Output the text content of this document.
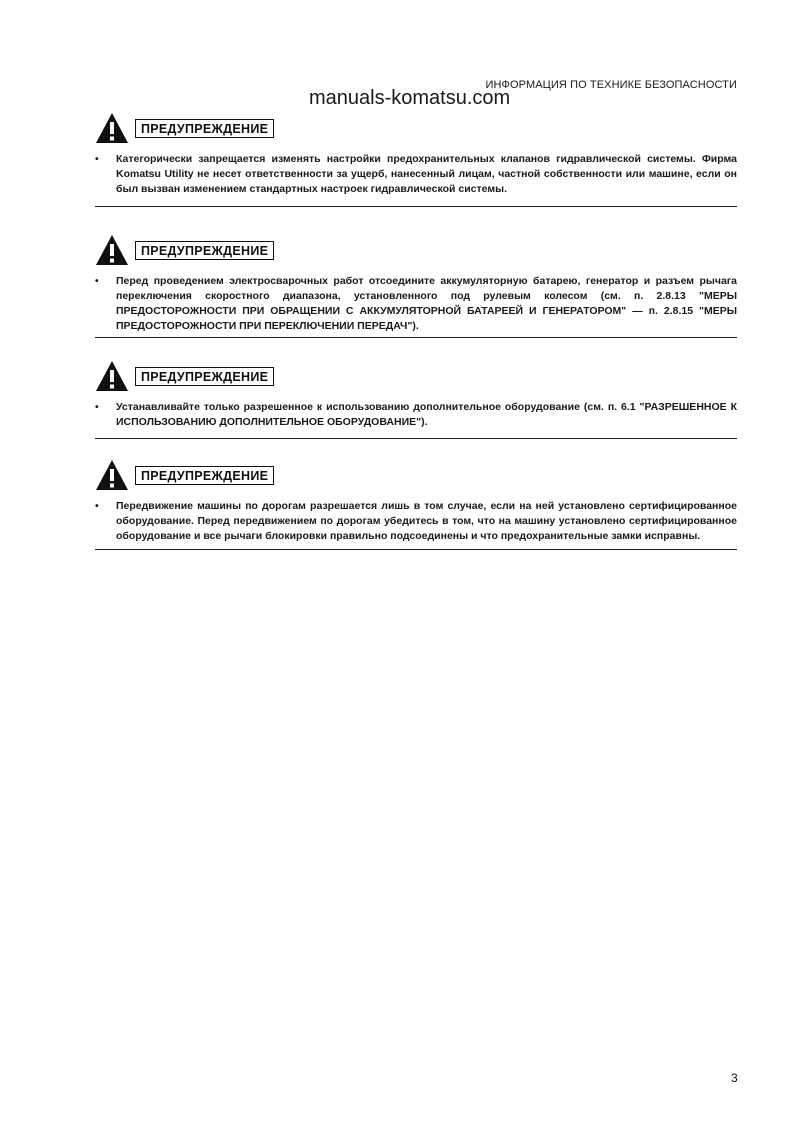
ИНФОРМАЦИЯ ПО ТЕХНИКЕ БЕЗОПАСНОСТИ
manuals-komatsu.com
ПРЕДУПРЕЖДЕНИЕ
• Категорически запрещается изменять настройки предохранительных клапанов гидравлической системы. Фирма Komatsu Utility не несет ответственности за ущерб, нанесенный лицам, частной собственности или машине, если он был вызван изменением стандартных настроек гидравлической системы.
ПРЕДУПРЕЖДЕНИЕ
• Перед проведением электросварочных работ отсоедините аккумуляторную батарею, генератор и разъем рычага переключения скоростного диапазона, установленного под рулевым колесом (см. п. 2.8.13 "МЕРЫ ПРЕДОСТОРОЖНОСТИ ПРИ ОБРАЩЕНИИ С АККУМУЛЯТОРНОЙ БАТАРЕЕЙ И ГЕНЕРАТОРОМ" — п. 2.8.15 "МЕРЫ ПРЕДОСТОРОЖНОСТИ ПРИ ПЕРЕКЛЮЧЕНИИ ПЕРЕДАЧ").
ПРЕДУПРЕЖДЕНИЕ
• Устанавливайте только разрешенное к использованию дополнительное оборудование (см. п. 6.1 "РАЗРЕШЕННОЕ К ИСПОЛЬЗОВАНИЮ ДОПОЛНИТЕЛЬНОЕ ОБОРУДОВАНИЕ").
ПРЕДУПРЕЖДЕНИЕ
• Передвижение машины по дорогам разрешается лишь в том случае, если на ней установлено сертифицированное оборудование. Перед передвижением по дорогам убедитесь в том, что на машину установлено сертифицированное оборудование и все рычаги блокировки правильно подсоединены и что предохранительные замки исправны.
3
